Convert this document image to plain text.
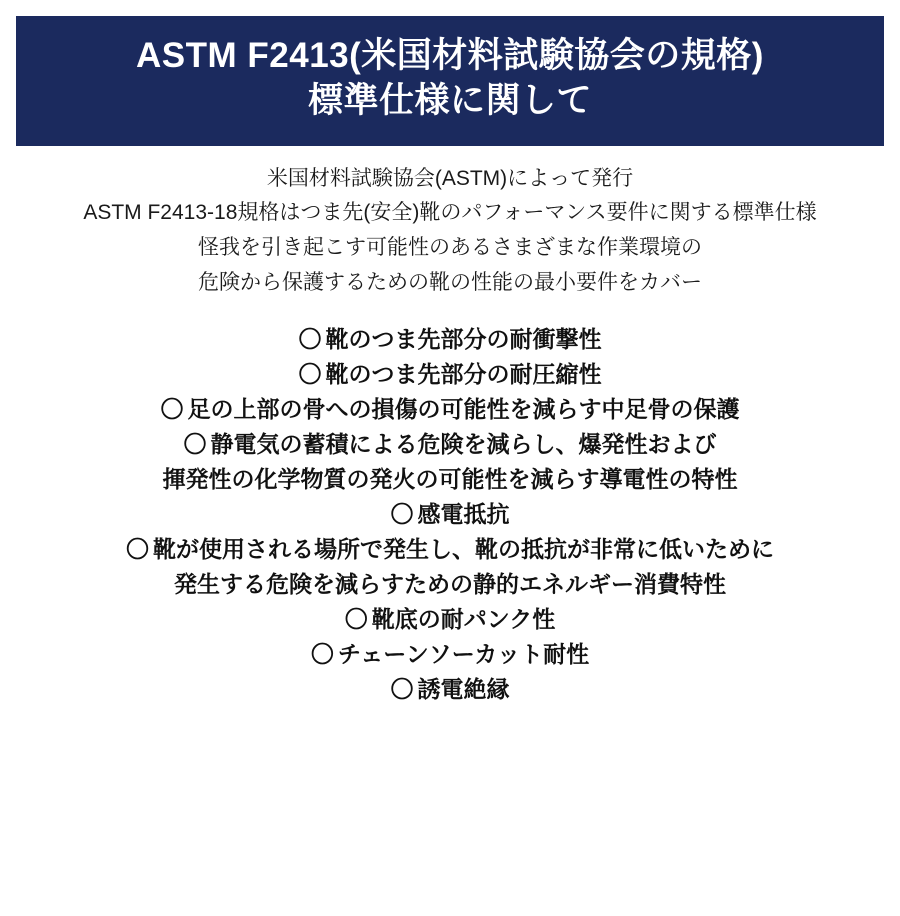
ASTM F2413(米国材料試験協会の規格)
標準仕様に関して
米国材料試験協会(ASTM)によって発行
ASTM F2413-18規格はつま先(安全)靴のパフォーマンス要件に関する標準仕様
怪我を引き起こす可能性のあるさまざまな作業環境の
危険から保護するための靴の性能の最小要件をカバー
〇 靴のつま先部分の耐衝撃性
〇 靴のつま先部分の耐圧縮性
〇 足の上部の骨への損傷の可能性を減らす中足骨の保護
〇 静電気の蓄積による危険を減らし、爆発性および
揮発性の化学物質の発火の可能性を減らす導電性の特性
〇 感電抵抗
〇 靴が使用される場所で発生し、靴の抵抗が非常に低いために
発生する危険を減らすための静的エネルギー消費特性
〇 靴底の耐パンク性
〇 チェーンソーカット耐性
〇 誘電絶縁
